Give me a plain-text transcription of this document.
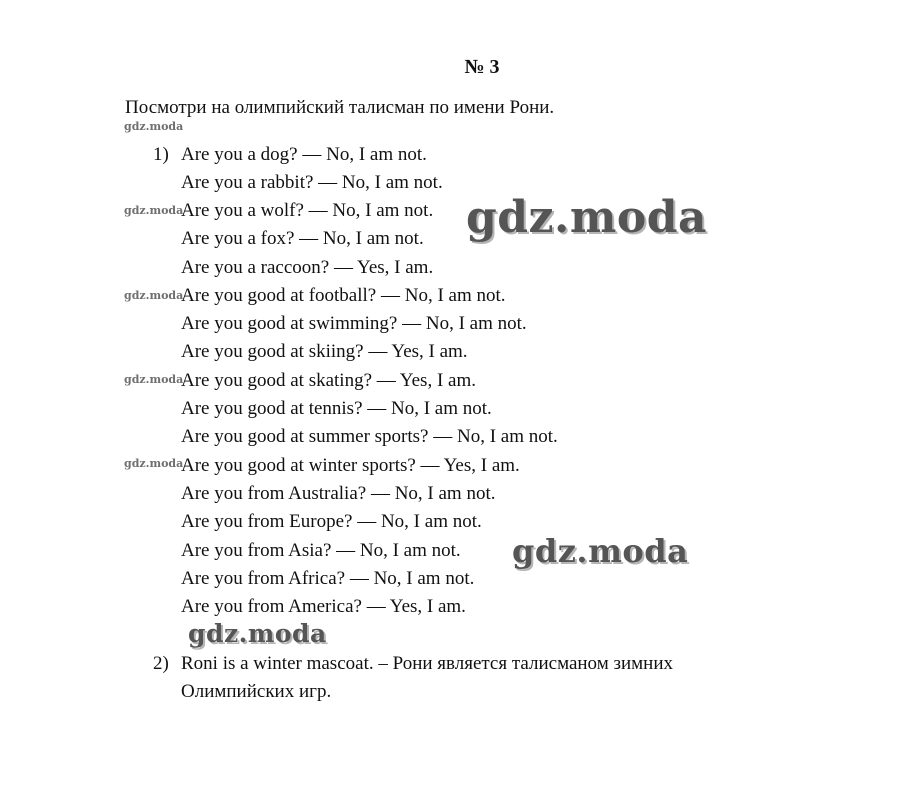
№ 3
Посмотри на олимпийский талисман по имени Рони.
gdz.moda
gdz.moda
gdz.moda
gdz.moda
gdz.moda
1) Are you a dog? — No, I am not.
Are you a rabbit? — No, I am not.
Are you a wolf? — No, I am not.
Are you a fox? — No, I am not.
Are you a raccoon? — Yes, I am.
Are you good at football? — No, I am not.
Are you good at swimming? — No, I am not.
Are you good at skiing? — Yes, I am.
Are you good at skating? — Yes, I am.
Are you good at tennis? — No, I am not.
Are you good at summer sports? — No, I am not.
Are you good at winter sports? — Yes, I am.
Are you from Australia? — No, I am not.
Are you from Europe? — No, I am not.
Are you from Asia? — No, I am not.
Are you from Africa? — No, I am not.
Are you from America? — Yes, I am.
2) Roni is a winter mascoat. – Рони является талисманом зимних
Олимпийских игр.
gdz.moda
gdz.moda
gdz.moda
